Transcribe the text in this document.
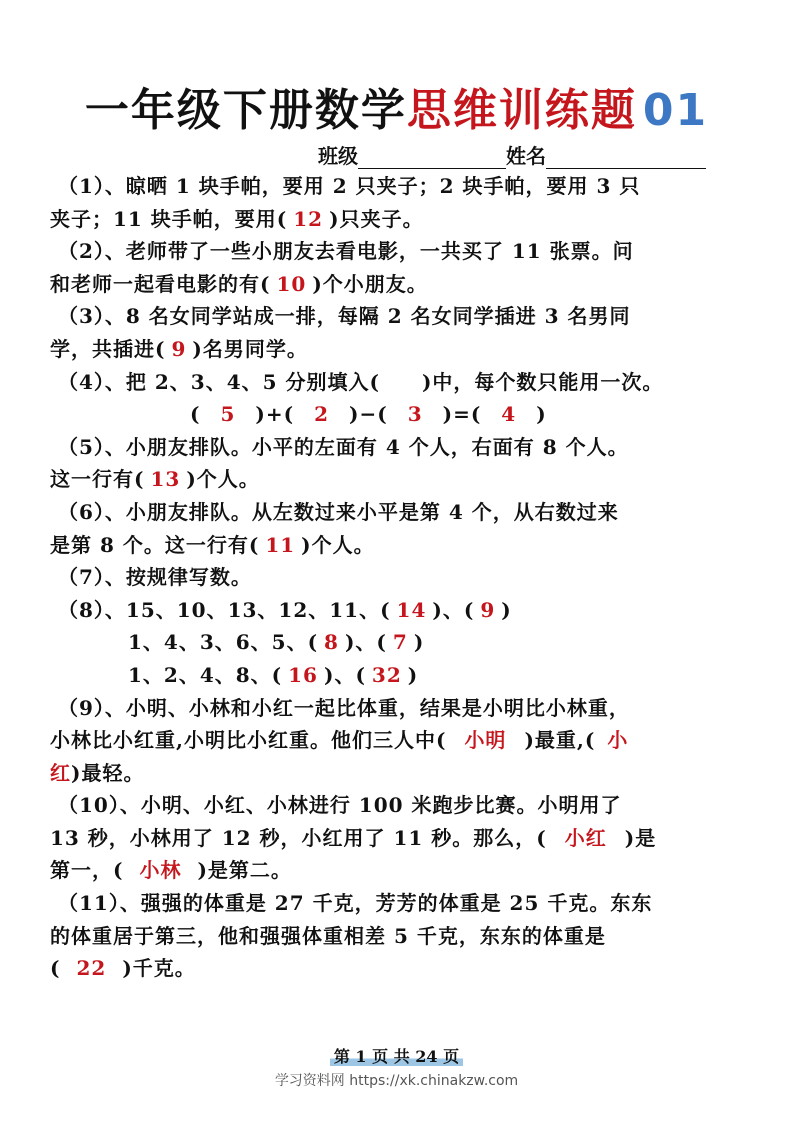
一年级下册数学思维训练题 01
班级	姓名
（1）、晾晒 1 块手帕，要用 2 只夹子；2 块手帕，要用 3 只
夹子；11 块手帕，要用( 12 )只夹子。
（2）、老师带了一些小朋友去看电影，一共买了 11 张票。问
和老师一起看电影的有( 10 )个小朋友。
（3）、8 名女同学站成一排，每隔 2 名女同学插进 3 名男同
学，共插进( 9 )名男同学。
（4）、把 2、3、4、5 分别填入(　　)中，每个数只能用一次。
( 5 )+( 2 )−( 3 )=( 4 )
（5）、小朋友排队。小平的左面有 4 个人，右面有 8 个人。
这一行有( 13 )个人。
（6）、小朋友排队。从左数过来小平是第 4 个，从右数过来
是第 8 个。这一行有( 11 )个人。
（7）、按规律写数。
（8）、15、10、13、12、11、( 14 )、( 9 )
1、4、3、6、5、( 8 )、( 7 )
1、2、4、8、( 16 )、( 32 )
（9）、小明、小林和小红一起比体重，结果是小明比小林重，
小林比小红重,小明比小红重。他们三人中( 小明 )最重,( 小
红)最轻。
（10）、小明、小红、小林进行 100 米跑步比赛。小明用了
13 秒，小林用了 12 秒，小红用了 11 秒。那么，( 小红 )是
第一，( 小林 )是第二。
（11）、强强的体重是 27 千克，芳芳的体重是 25 千克。东东
的体重居于第三，他和强强体重相差 5 千克，东东的体重是
( 22 )千克。
第 1 页 共 24 页
学习资料网 https://xk.chinakzw.com
